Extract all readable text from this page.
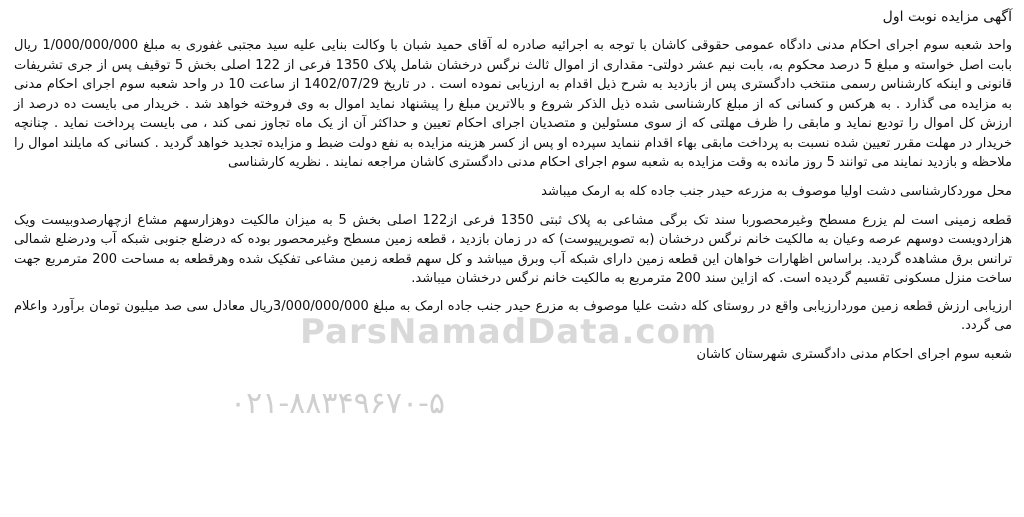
آگهی مزایده نوبت اول
واحد شعبه سوم اجرای احکام مدنی دادگاه عمومی حقوقی کاشان با توجه به اجرائیه صادره له آقای حمید شبان با وکالت بنایی علیه سید مجتبی غفوری به مبلغ 1/000/000/000 ریال بابت اصل خواسته و مبلغ 5 درصد محکوم به، بابت نیم عشر دولتی- مقداری از اموال ثالث نرگس درخشان شامل پلاک 1350 فرعی از 122 اصلی بخش 5 توقیف پس از جری تشریفات قانونی و اینکه کارشناس رسمی منتخب دادگستری پس از بازدید به شرح ذیل اقدام به ارزیابی نموده است . در تاریخ 1402/07/29 از ساعت 10 در واحد شعبه سوم اجرای احکام مدنی به مزایده می گذارد . به هرکس و کسانی که از مبلغ کارشناسی شده ذیل الذکر شروع و بالاترین مبلغ را پیشنهاد نماید اموال به وی فروخته خواهد شد . خریدار می بایست ده درصد از ارزش کل اموال را تودیع نماید و مابقی را ظرف مهلتی که از سوی مسئولین و متصدیان اجرای احکام تعیین و حداکثر آن از یک ماه تجاوز نمی کند ، می بایست پرداخت نماید . چنانچه خریدار در مهلت مقرر تعیین شده نسبت به پرداخت مابقی بهاء اقدام ننماید سپرده او پس از کسر هزینه مزایده به نفع دولت ضبط و مزایده تجدید خواهد گردید . کسانی که مایلند اموال را ملاحظه و بازدید نمایند می توانند 5 روز مانده به وقت مزایده به شعبه سوم اجرای احکام مدنی دادگستری کاشان مراجعه نمایند . نظریه کارشناسی
محل موردکارشناسی دشت اولیا موصوف به مزرعه حیدر جنب جاده کله به ارمک میباشد
قطعه زمینی است لم یزرع مسطح وغیرمحصوربا سند تک برگی مشاعی به پلاک ثبتی 1350 فرعی از122 اصلی بخش 5 به میزان مالکیت دوهزارسهم مشاع ازچهارصدوبیست ویک هزاردویست دوسهم عرصه وعیان به مالکیت خانم نرگس درخشان (به تصویرپیوست) که در زمان بازدید ، قطعه زمین مسطح وغیرمحصور بوده که درضلع جنوبی شبکه آب ودرضلع شمالی ترانس برق مشاهده گردید. براساس اظهارات خواهان این قطعه زمین دارای شبکه آب وبرق میباشد و کل سهم قطعه زمین مشاعی تفکیک شده وهرقطعه به مساحت 200 مترمربع جهت ساخت منزل مسکونی تقسیم گردیده است. که ازاین سند 200 مترمربع به مالکیت خانم نرگس درخشان میباشد.
ارزیابی ارزش قطعه زمین موردارزیابی واقع در روستای کله دشت علیا موصوف به مزرع حیدر جنب جاده ارمک به مبلغ 3/000/000/000ریال معادل سی صد میلیون تومان برآورد واعلام می گردد.
شعبه سوم اجرای احکام مدنی دادگستری شهرستان کاشان
ParsNamadData.com
۰۲۱-۸۸۳۴۹۶۷۰-۵
